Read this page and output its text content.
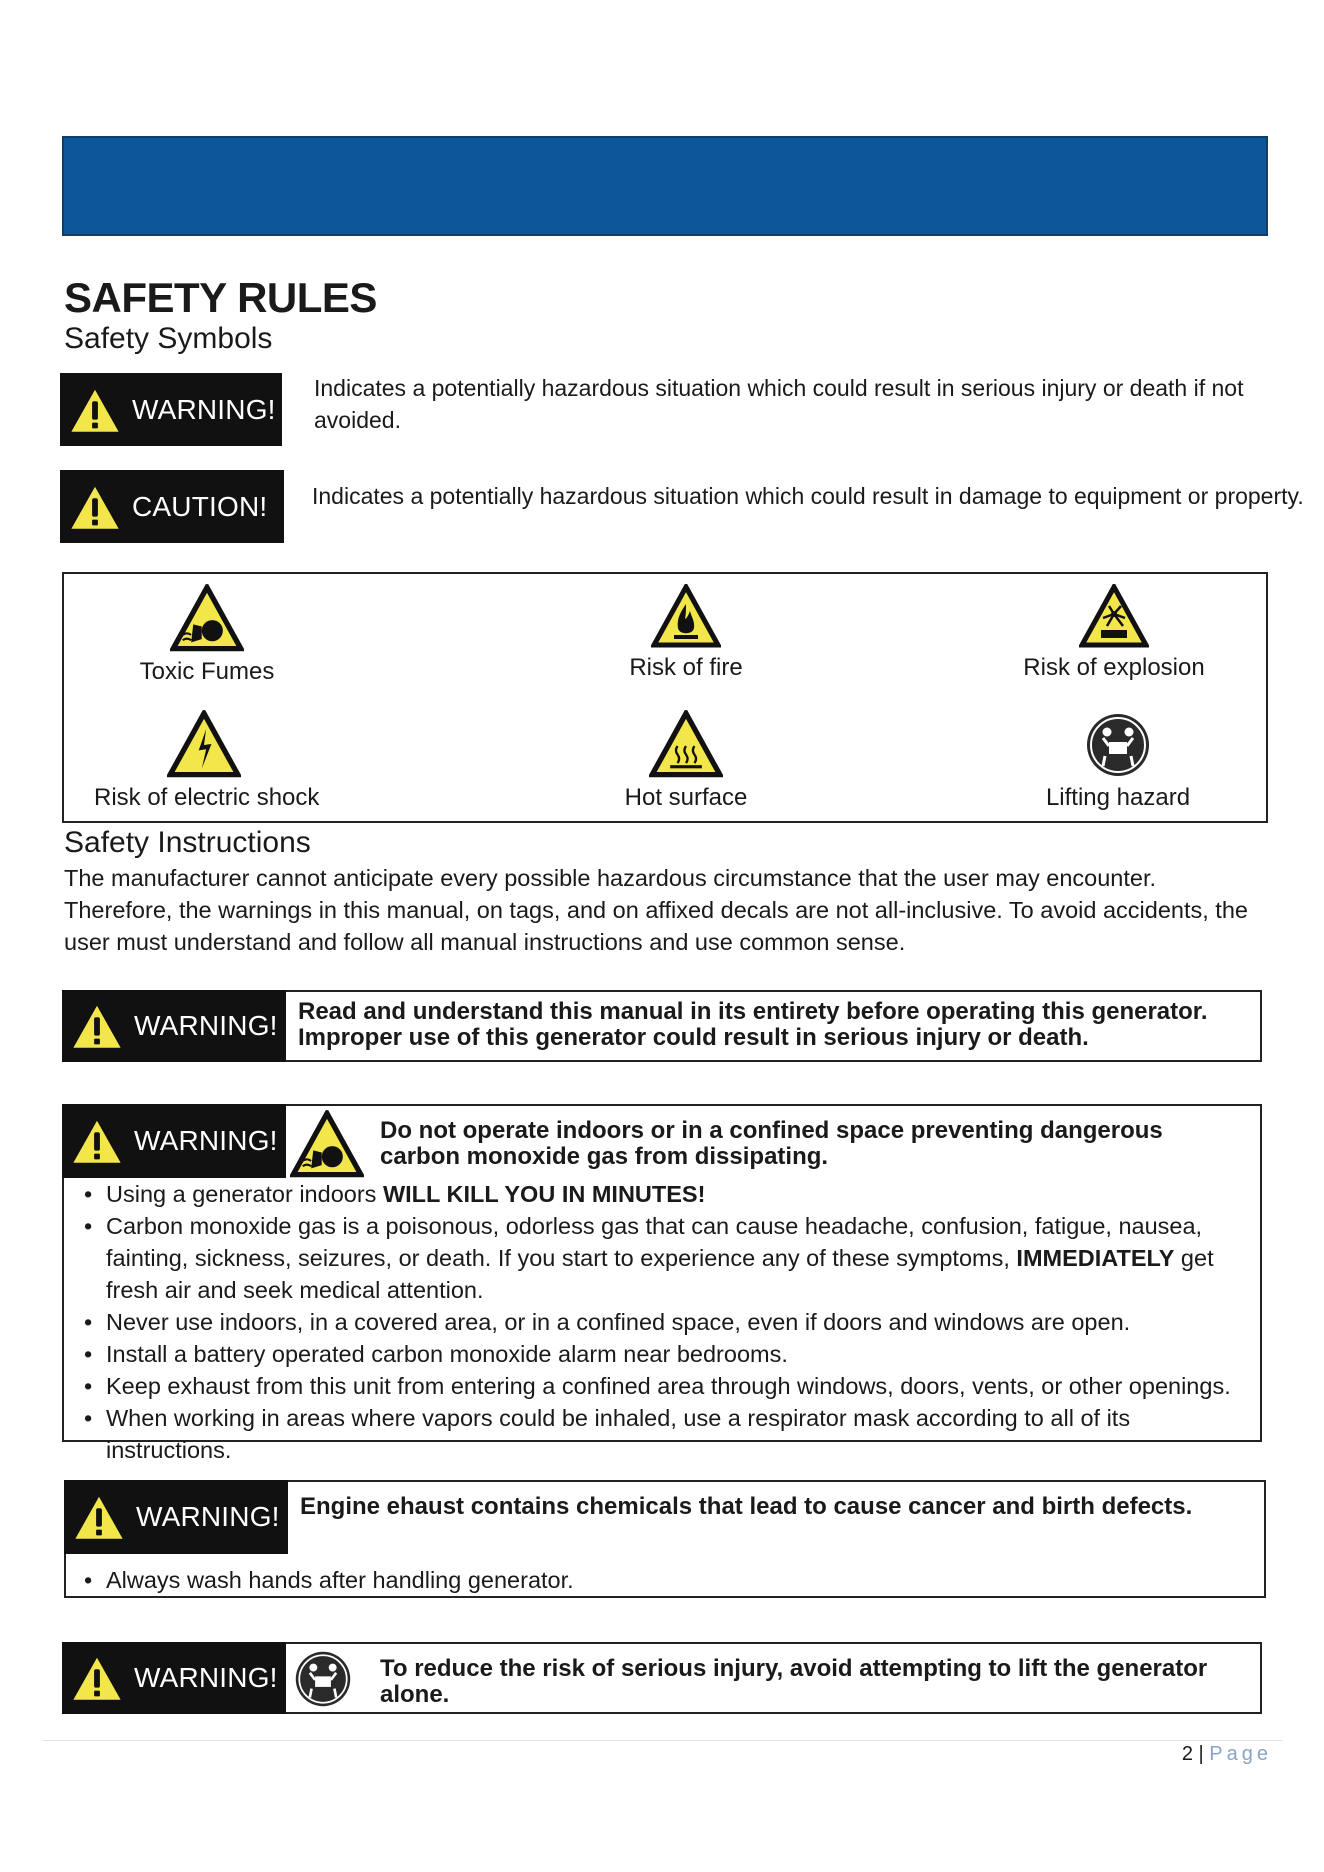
SAFETY RULES
Safety Symbols
WARNING!
Indicates a potentially hazardous situation which could result in serious injury or death if not avoided.
CAUTION! Indicates a potentially hazardous situation which could result in damage to equipment or property.
Toxic Fumes	Risk of fire	Risk of explosion
Risk of electric shock	Hot surface	Lifting hazard
Safety Instructions
The manufacturer cannot anticipate every possible hazardous circumstance that the user may encounter. Therefore, the warnings in this manual, on tags, and on affixed decals are not all-inclusive. To avoid accidents, the user must understand and follow all manual instructions and use common sense.
WARNING! Read and understand this manual in its entirety before operating this generator. Improper use of this generator could result in serious injury or death.
WARNING!	Do not operate indoors or in a confined space preventing dangerous carbon monoxide gas from dissipating.
• Using a generator indoors WILL KILL YOU IN MINUTES!
• Carbon monoxide gas is a poisonous, odorless gas that can cause headache, confusion, fatigue, nausea, fainting, sickness, seizures, or death. If you start to experience any of these symptoms, IMMEDIATELY get fresh air and seek medical attention.
• Never use indoors, in a covered area, or in a confined space, even if doors and windows are open.
• Install a battery operated carbon monoxide alarm near bedrooms.
• Keep exhaust from this unit from entering a confined area through windows, doors, vents, or other openings.
• When working in areas where vapors could be inhaled, use a respirator mask according to all of its instructions.
WARNING! Engine ehaust contains chemicals that lead to cause cancer and birth defects.
• Always wash hands after handling generator.
WARNING!	To reduce the risk of serious injury, avoid attempting to lift the generator alone.
2 | Page
